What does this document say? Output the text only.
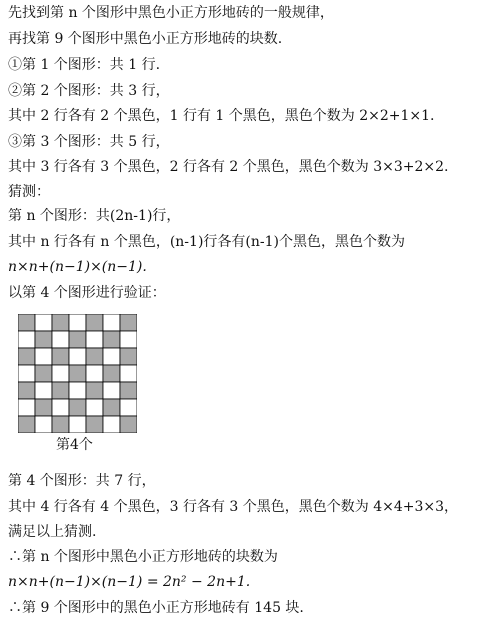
先找到第 n 个图形中黑色小正方形地砖的一般规律，
再找第 9 个图形中黑色小正方形地砖的块数.
①第 1 个图形：共 1 行.
②第 2 个图形：共 3 行，
其中 2 行各有 2 个黑色，1 行有 1 个黑色，黑色个数为 2×2+1×1.
③第 3 个图形：共 5 行，
其中 3 行各有 3 个黑色，2 行各有 2 个黑色，黑色个数为 3×3+2×2.
猜测：
第 n 个图形：共(2n-1)行，
其中 n 行各有 n 个黑色，(n-1)行各有(n-1)个黑色，黑色个数为
n×n+(n−1)×(n−1).
以第 4 个图形进行验证：
第4个
第 4 个图形：共 7 行，
其中 4 行各有 4 个黑色，3 行各有 3 个黑色，黑色个数为 4×4+3×3，
满足以上猜测.
∴第 n 个图形中黑色小正方形地砖的块数为
n×n+(n−1)×(n−1) = 2n² − 2n+1.
∴第 9 个图形中的黑色小正方形地砖有 145 块.
